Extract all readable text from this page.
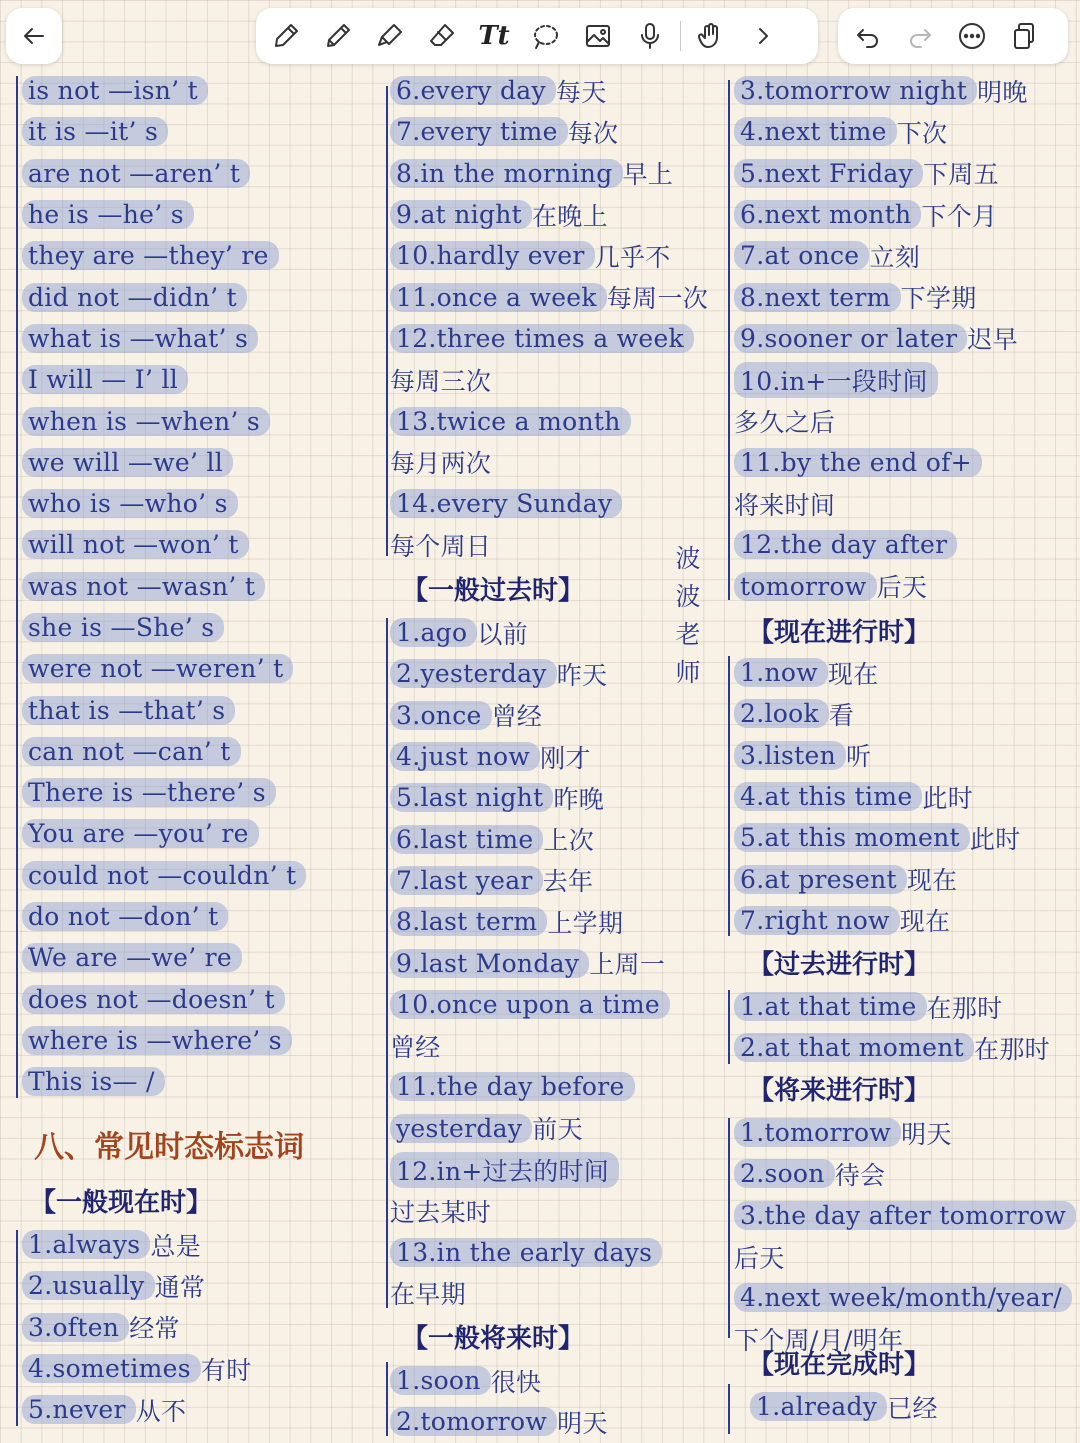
Tt
is not —isn’ t
it is —it’ s
are not —aren’ t
he is —he’ s
they are —they’ re
did not —didn’ t
what is —what’ s
I will — I’ ll
when is —when’ s
we will —we’ ll
who is —who’ s
will not —won’ t
was not —wasn’ t
she is —She’ s
were not —weren’ t
that is —that’ s
can not —can’ t
There is —there’ s
You are —you’ re
could not —couldn’ t
do not —don’ t
We are —we’ re
does not —doesn’ t
where is —where’ s
This is— /
八、常见时态标志词
【一般现在时】
1.always 总是
2.usually 通常
3.often 经常
4.sometimes 有时
5.never 从不
6.every day 每天
7.every time 每次
8.in the morning 早上
9.at night 在晚上
10.hardly ever 几乎不
11.once a week 每周一次
12.three times a week
每周三次
13.twice a month
每月两次
14.every Sunday
每个周日
【一般过去时】
1.ago 以前
2.yesterday 昨天
3.once 曾经
4.just now 刚才
5.last night 昨晚
6.last time 上次
7.last year 去年
8.last term 上学期
9.last Monday 上周一
10.once upon a time
曾经
11.the day before
yesterday 前天
12.in+过去的时间
过去某时
13.in the early days
在早期
【一般将来时】
1.soon 很快
2.tomorrow 明天
波
波
老
师
3.tomorrow night 明晚
4.next time 下次
5.next Friday 下周五
6.next month 下个月
7.at once 立刻
8.next term 下学期
9.sooner or later 迟早
10.in+一段时间
多久之后
11.by the end of+
将来时间
12.the day after
tomorrow 后天
【现在进行时】
1.now 现在
2.look 看
3.listen 听
4.at this time 此时
5.at this moment 此时
6.at present 现在
7.right now 现在
【过去进行时】
1.at that time 在那时
2.at that moment 在那时
【将来进行时】
1.tomorrow 明天
2.soon 待会
3.the day after tomorrow
后天
4.next week/month/year/
下个周/月/明年
【现在完成时】
1.already 已经
